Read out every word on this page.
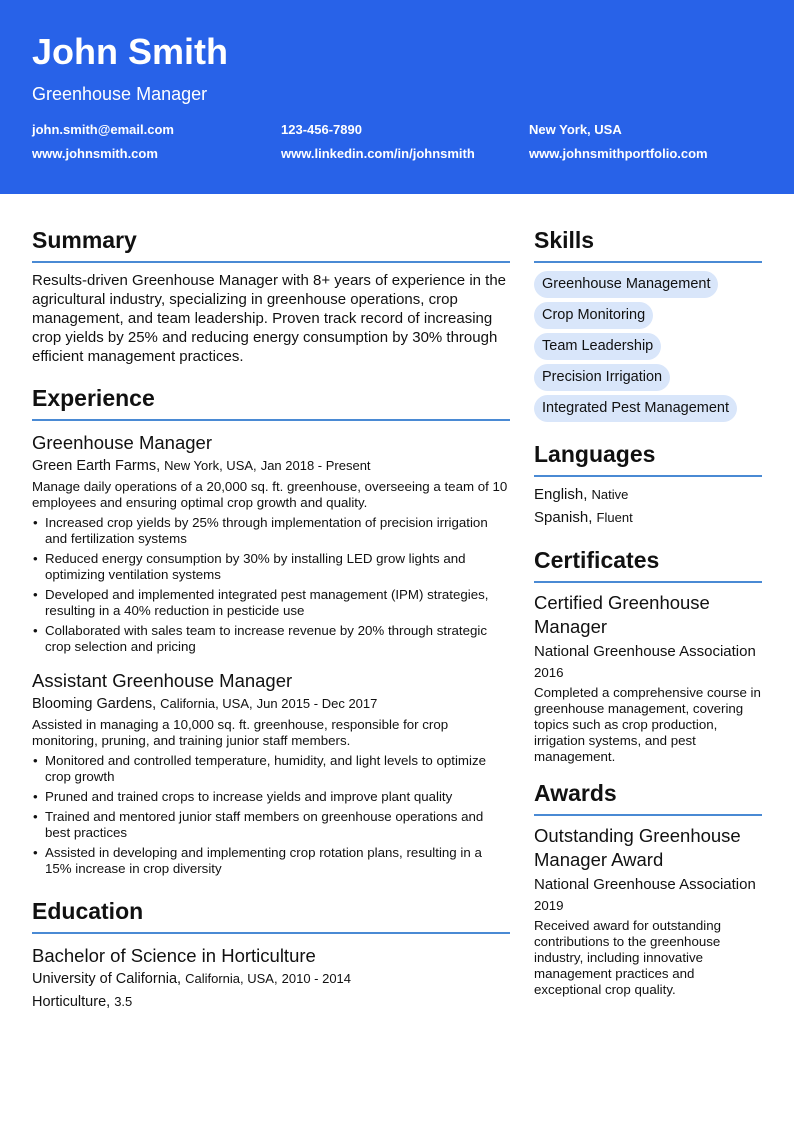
John Smith
Greenhouse Manager
john.smith@email.com	123-456-7890	New York, USA
www.johnsmith.com	www.linkedin.com/in/johnsmith	www.johnsmithportfolio.com
Summary
Results-driven Greenhouse Manager with 8+ years of experience in the agricultural industry, specializing in greenhouse operations, crop management, and team leadership. Proven track record of increasing crop yields by 25% and reducing energy consumption by 30% through efficient management practices.
Experience
Greenhouse Manager
Green Earth Farms, New York, USA, Jan 2018 - Present
Manage daily operations of a 20,000 sq. ft. greenhouse, overseeing a team of 10 employees and ensuring optimal crop growth and quality.
• Increased crop yields by 25% through implementation of precision irrigation and fertilization systems
• Reduced energy consumption by 30% by installing LED grow lights and optimizing ventilation systems
• Developed and implemented integrated pest management (IPM) strategies, resulting in a 40% reduction in pesticide use
• Collaborated with sales team to increase revenue by 20% through strategic crop selection and pricing
Assistant Greenhouse Manager
Blooming Gardens, California, USA, Jun 2015 - Dec 2017
Assisted in managing a 10,000 sq. ft. greenhouse, responsible for crop monitoring, pruning, and training junior staff members.
• Monitored and controlled temperature, humidity, and light levels to optimize crop growth
• Pruned and trained crops to increase yields and improve plant quality
• Trained and mentored junior staff members on greenhouse operations and best practices
• Assisted in developing and implementing crop rotation plans, resulting in a 15% increase in crop diversity
Education
Bachelor of Science in Horticulture
University of California, California, USA, 2010 - 2014
Horticulture, 3.5
Skills
Greenhouse Management
Crop Monitoring
Team Leadership
Precision Irrigation
Integrated Pest Management
Languages
English, Native
Spanish, Fluent
Certificates
Certified Greenhouse Manager
National Greenhouse Association
2016
Completed a comprehensive course in greenhouse management, covering topics such as crop production, irrigation systems, and pest management.
Awards
Outstanding Greenhouse Manager Award
National Greenhouse Association
2019
Received award for outstanding contributions to the greenhouse industry, including innovative management practices and exceptional crop quality.
